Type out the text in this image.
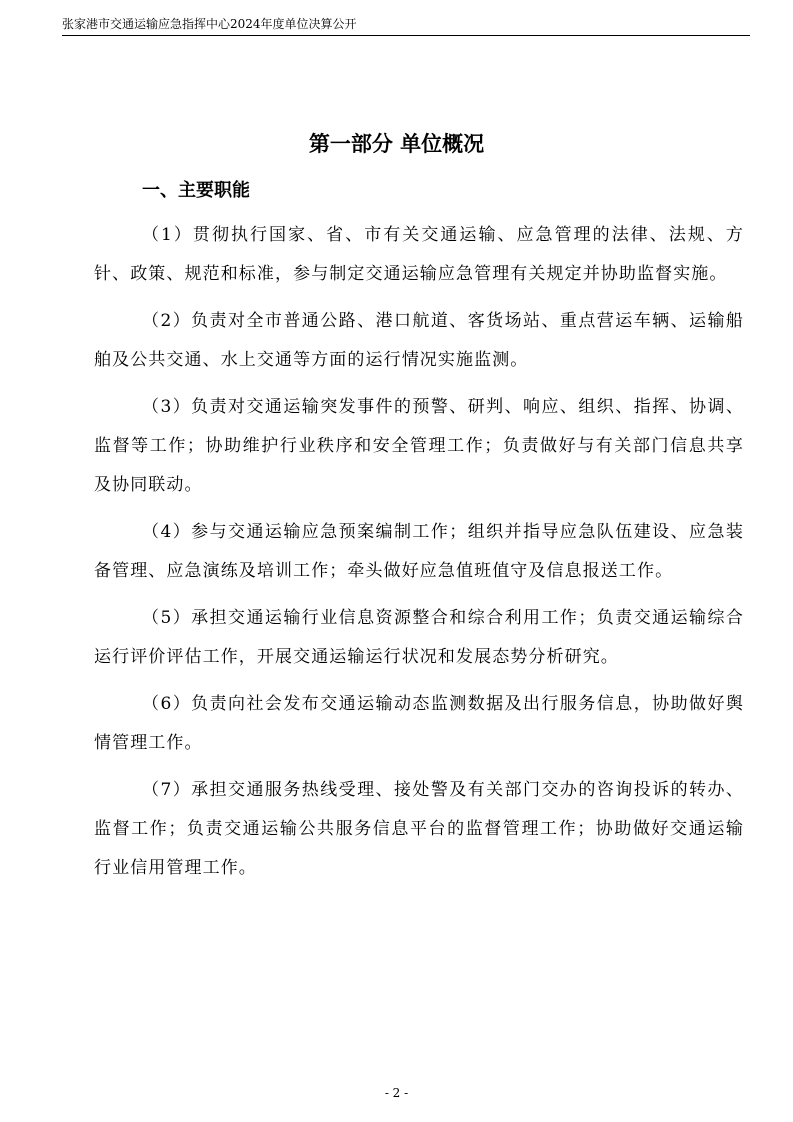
张家港市交通运输应急指挥中心2024年度单位决算公开
第一部分 单位概况
一、主要职能

（1）贯彻执行国家、省、市有关交通运输、应急管理的法律、法规、方针、政策、规范和标准，参与制定交通运输应急管理有关规定并协助监督实施。

（2）负责对全市普通公路、港口航道、客货场站、重点营运车辆、运输船舶及公共交通、水上交通等方面的运行情况实施监测。

（3）负责对交通运输突发事件的预警、研判、响应、组织、指挥、协调、监督等工作；协助维护行业秩序和安全管理工作；负责做好与有关部门信息共享及协同联动。

（4）参与交通运输应急预案编制工作；组织并指导应急队伍建设、应急装备管理、应急演练及培训工作；牵头做好应急值班值守及信息报送工作。

（5）承担交通运输行业信息资源整合和综合利用工作；负责交通运输综合运行评价评估工作，开展交通运输运行状况和发展态势分析研究。

（6）负责向社会发布交通运输动态监测数据及出行服务信息，协助做好舆情管理工作。

（7）承担交通服务热线受理、接处警及有关部门交办的咨询投诉的转办、监督工作；负责交通运输公共服务信息平台的监督管理工作；协助做好交通运输行业信用管理工作。

- 2 -
